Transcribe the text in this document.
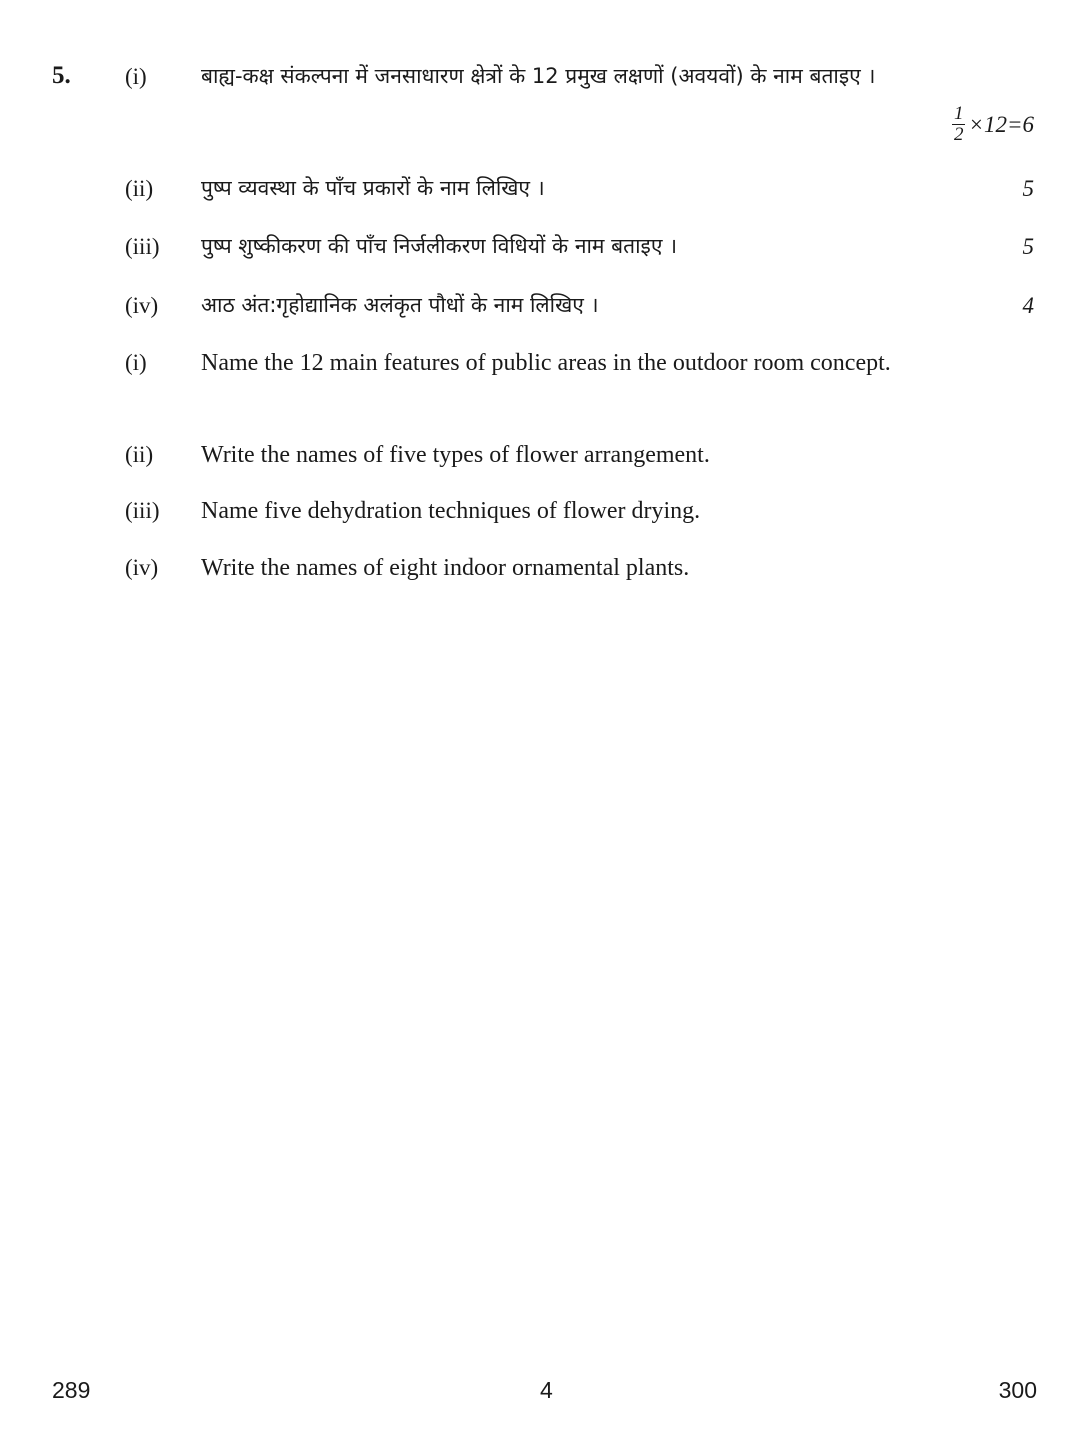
5. (i)	बाह्य-कक्ष संकल्पना में जनसाधारण क्षेत्रों के 12 प्रमुख लक्षणों (अवयवों) के नाम बताइए ।
$\frac{1}{2} \times 12=6$
(ii) पुष्प व्यवस्था के पाँच प्रकारों के नाम लिखिए ।	5
(iii) पुष्प शुष्कीकरण की पाँच निर्जलीकरण विधियों के नाम बताइए ।	5
(iv) आठ अंत:गृहोद्यानिक अलंकृत पौधों के नाम लिखिए ।	4
(i) Name the 12 main features of public areas in the outdoor room concept.
(ii) Write the names of five types of flower arrangement.
(iii) Name five dehydration techniques of flower drying.
(iv) Write the names of eight indoor ornamental plants.
289	4	300
